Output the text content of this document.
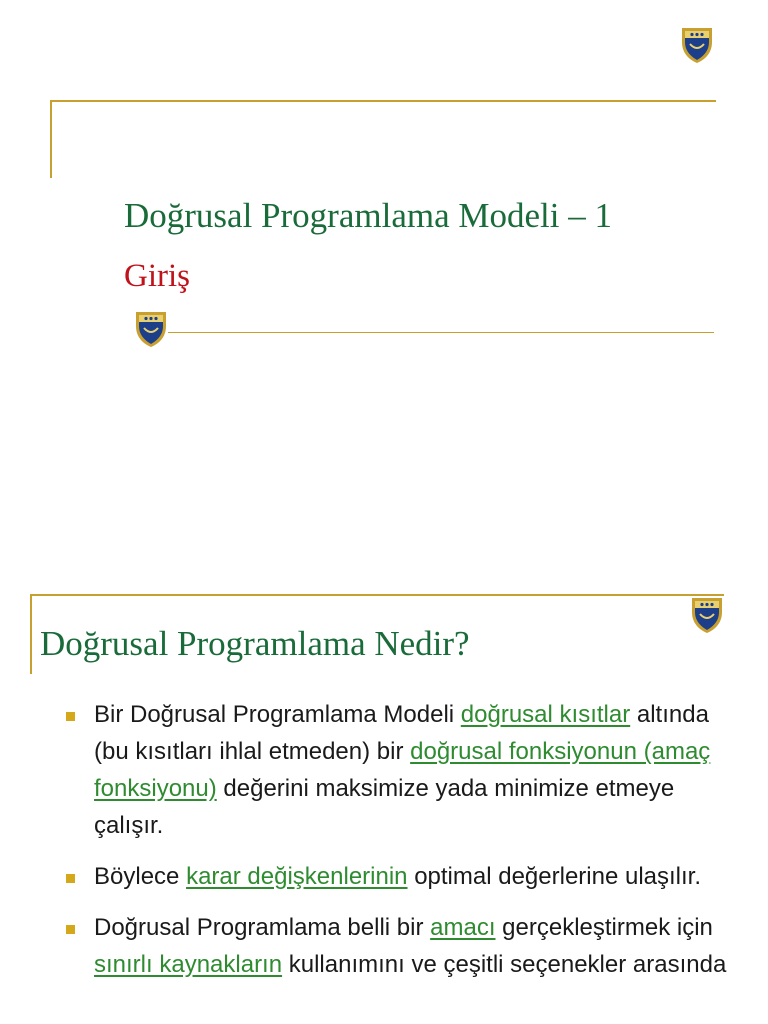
Doğrusal Programlama Modeli – 1
Giriş
Doğrusal Programlama Nedir?
Bir Doğrusal Programlama Modeli doğrusal kısıtlar altında (bu kısıtları ihlal etmeden) bir doğrusal fonksiyonun (amaç fonksiyonu) değerini maksimize yada minimize etmeye çalışır.
Böylece karar değişkenlerinin optimal değerlerine ulaşılır.
Doğrusal Programlama belli bir amacı gerçekleştirmek için sınırlı kaynakların kullanımını ve çeşitli seçenekler arasında
